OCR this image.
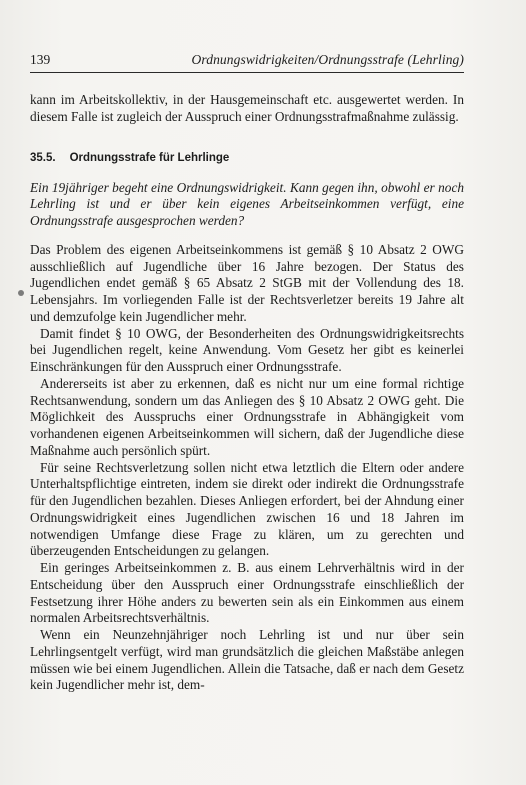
139	Ordnungswidrigkeiten/Ordnungsstrafe (Lehrling)

kann im Arbeitskollektiv, in der Hausgemeinschaft etc. ausgewertet werden. In diesem Falle ist zugleich der Ausspruch einer Ordnungsstrafmaßnahme zulässig.

35.5. Ordnungsstrafe für Lehrlinge

Ein 19jähriger begeht eine Ordnungswidrigkeit. Kann gegen ihn, obwohl er noch Lehrling ist und er über kein eigenes Arbeitseinkommen verfügt, eine Ordnungsstrafe ausgesprochen werden?

Das Problem des eigenen Arbeitseinkommens ist gemäß § 10 Absatz 2 OWG ausschließlich auf Jugendliche über 16 Jahre bezogen. Der Status des Jugendlichen endet gemäß § 65 Absatz 2 StGB mit der Vollendung des 18. Lebensjahrs. Im vorliegenden Falle ist der Rechtsverletzer bereits 19 Jahre alt und demzufolge kein Jugendlicher mehr.

Damit findet § 10 OWG, der Besonderheiten des Ordnungswidrigkeitsrechts bei Jugendlichen regelt, keine Anwendung. Vom Gesetz her gibt es keinerlei Einschränkungen für den Ausspruch einer Ordnungsstrafe.

Andererseits ist aber zu erkennen, daß es nicht nur um eine formal richtige Rechtsanwendung, sondern um das Anliegen des § 10 Absatz 2 OWG geht. Die Möglichkeit des Ausspruchs einer Ordnungsstrafe in Abhängigkeit vom vorhandenen eigenen Arbeitseinkommen will sichern, daß der Jugendliche diese Maßnahme auch persönlich spürt.

Für seine Rechtsverletzung sollen nicht etwa letztlich die Eltern oder andere Unterhaltspflichtige eintreten, indem sie direkt oder indirekt die Ordnungsstrafe für den Jugendlichen bezahlen. Dieses Anliegen erfordert, bei der Ahndung einer Ordnungswidrigkeit eines Jugendlichen zwischen 16 und 18 Jahren im notwendigen Umfange diese Frage zu klären, um zu gerechten und überzeugenden Entscheidungen zu gelangen.

Ein geringes Arbeitseinkommen z. B. aus einem Lehrverhältnis wird in der Entscheidung über den Ausspruch einer Ordnungsstrafe einschließlich der Festsetzung ihrer Höhe anders zu bewerten sein als ein Einkommen aus einem normalen Arbeitsrechtsverhältnis.

Wenn ein Neunzehnjähriger noch Lehrling ist und nur über sein Lehrlingsentgelt verfügt, wird man grundsätzlich die gleichen Maßstäbe anlegen müssen wie bei einem Jugendlichen. Allein die Tatsache, daß er nach dem Gesetz kein Jugendlicher mehr ist, dem-
